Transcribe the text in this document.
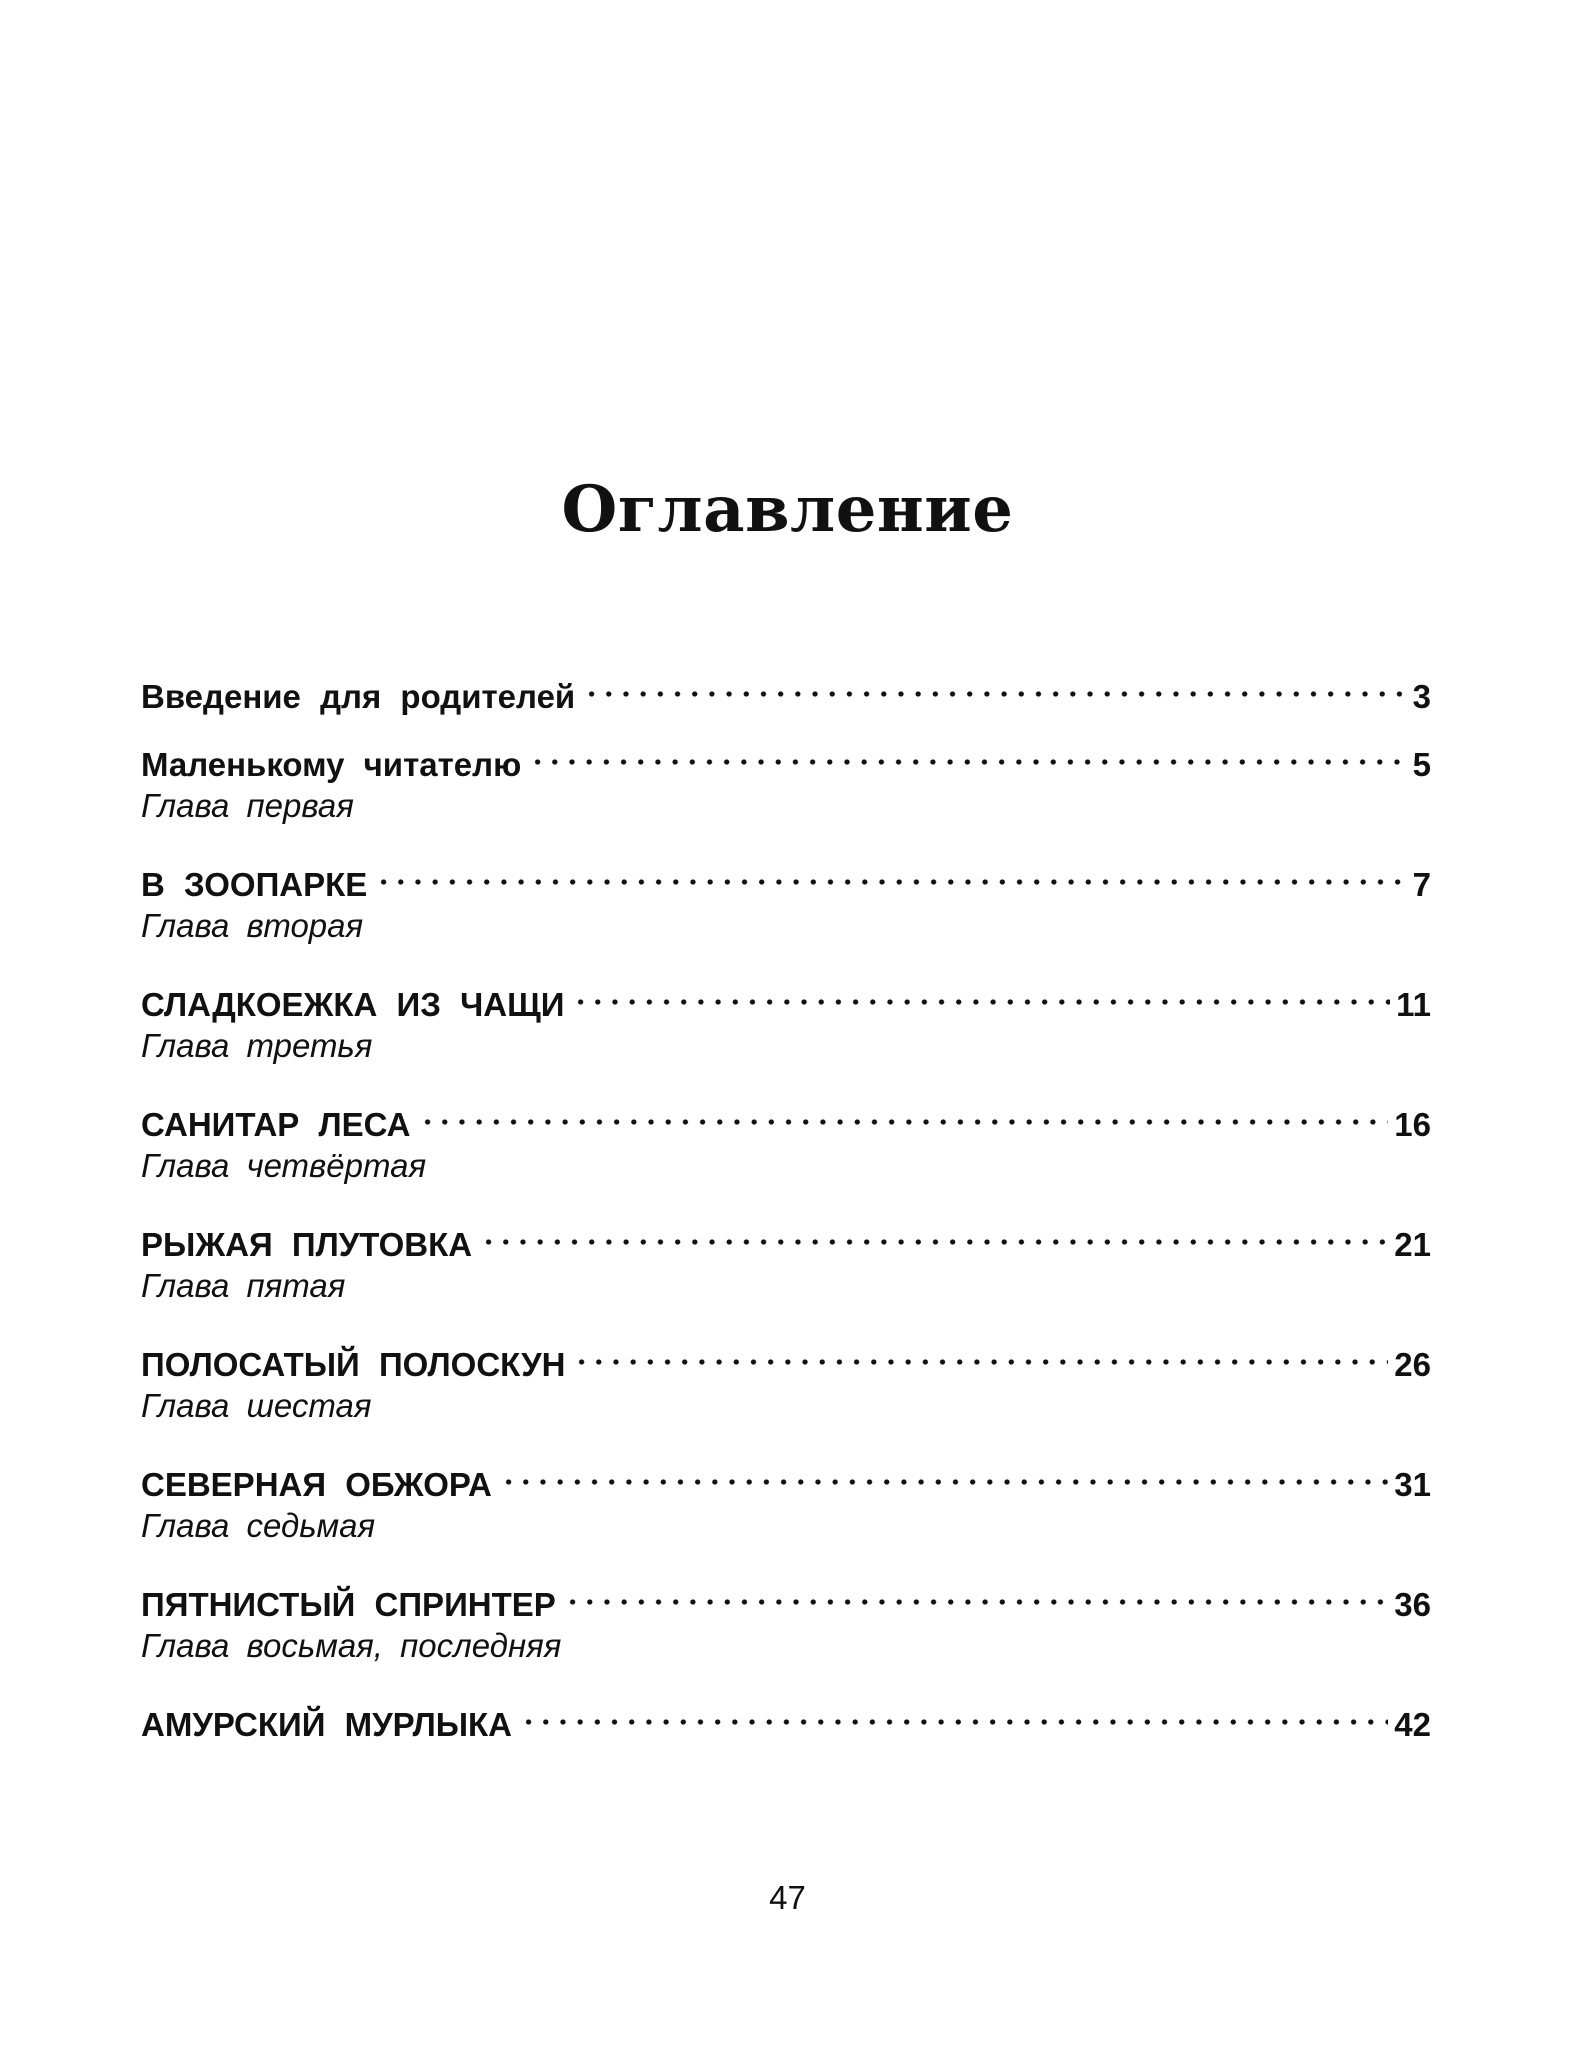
Оглавление
Введение для родителей	3
Маленькому читателю	5
Глава первая
В ЗООПАРКЕ	7
Глава вторая
СЛАДКОЕЖКА ИЗ ЧАЩИ	11
Глава третья
САНИТАР ЛЕСА	16
Глава четвёртая
РЫЖАЯ ПЛУТОВКА	21
Глава пятая
ПОЛОСАТЫЙ ПОЛОСКУН	26
Глава шестая
СЕВЕРНАЯ ОБЖОРА	31
Глава седьмая
ПЯТНИСТЫЙ СПРИНТЕР	36
Глава восьмая, последняя
АМУРСКИЙ МУРЛЫКА	42
47
